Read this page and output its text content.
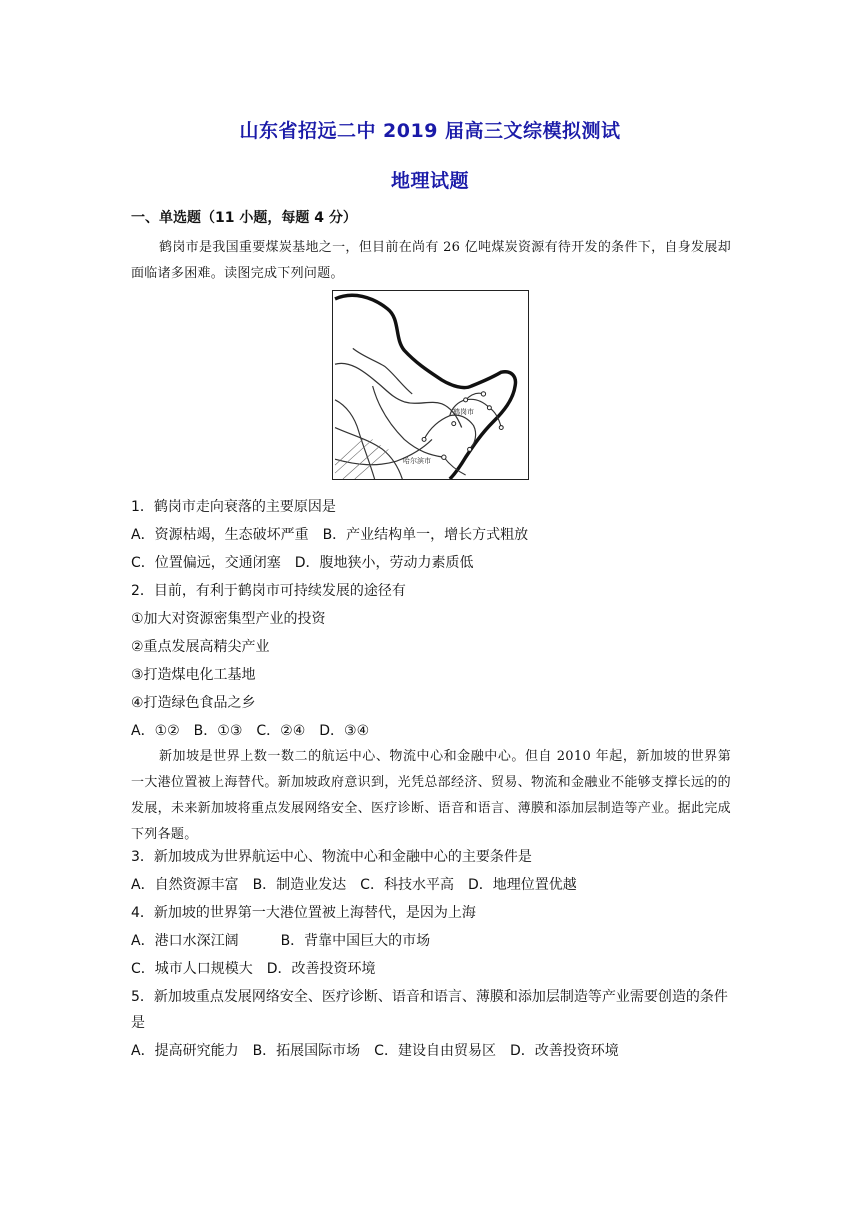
山东省招远二中 2019 届高三文综模拟测试
地理试题
一、单选题（11 小题，每题 4 分）
鹤岗市是我国重要煤炭基地之一，但目前在尚有 26 亿吨煤炭资源有待开发的条件下，自身发展却面临诸多困难。读图完成下列问题。
鹤岗市
哈尔滨市
1．鹤岗市走向衰落的主要原因是
A．资源枯竭，生态破坏严重　B．产业结构单一，增长方式粗放
C．位置偏远，交通闭塞　D．腹地狭小，劳动力素质低
2．目前，有利于鹤岗市可持续发展的途径有
①加大对资源密集型产业的投资
②重点发展高精尖产业
③打造煤电化工基地
④打造绿色食品之乡
A．①②　B．①③　C．②④　D．③④
新加坡是世界上数一数二的航运中心、物流中心和金融中心。但自 2010 年起，新加坡的世界第一大港位置被上海替代。新加坡政府意识到，光凭总部经济、贸易、物流和金融业不能够支撑长远的的发展，未来新加坡将重点发展网络安全、医疗诊断、语音和语言、薄膜和添加层制造等产业。据此完成下列各题。
3．新加坡成为世界航运中心、物流中心和金融中心的主要条件是
A．自然资源丰富　B．制造业发达　C．科技水平高　D．地理位置优越
4．新加坡的世界第一大港位置被上海替代，是因为上海
A．港口水深江阔　　　B．背靠中国巨大的市场
C．城市人口规模大　D．改善投资环境
5．新加坡重点发展网络安全、医疗诊断、语音和语言、薄膜和添加层制造等产业需要创造的条件是
A．提高研究能力　B．拓展国际市场　C．建设自由贸易区　D．改善投资环境
